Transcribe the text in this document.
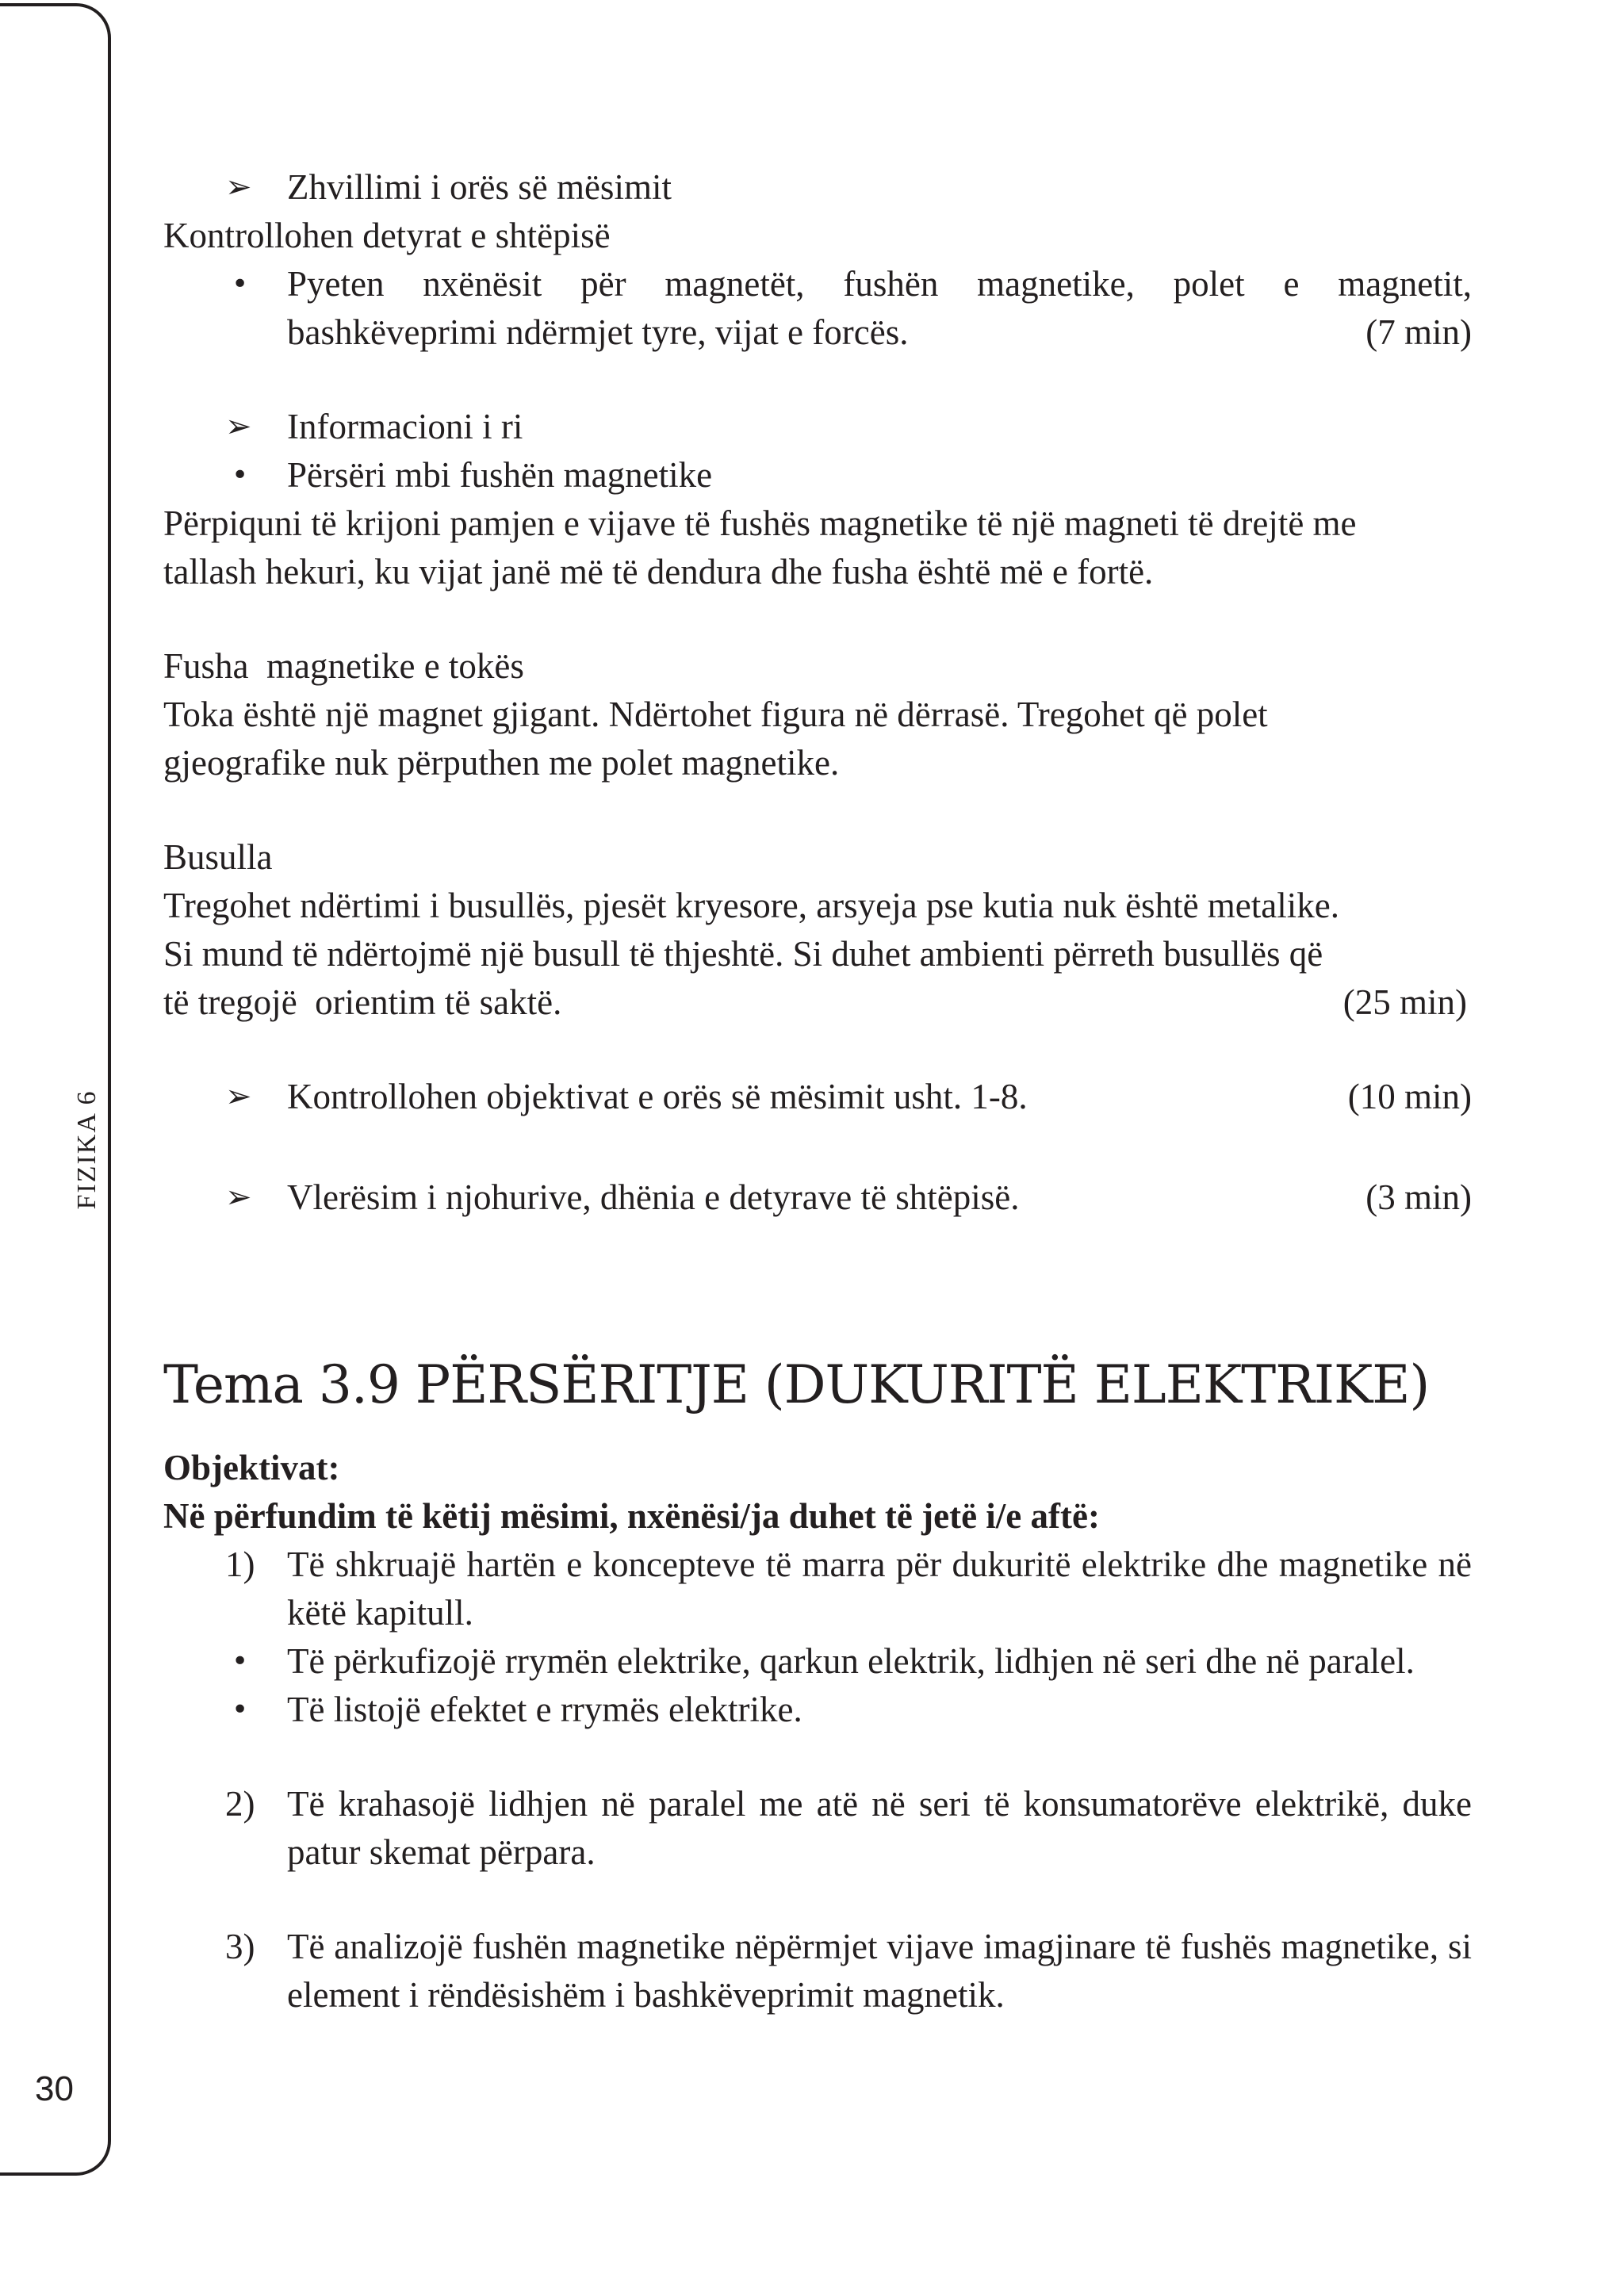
FIZIKA 6
30
➢ Zhvillimi i orës së mësimit
Kontrollohen detyrat e shtëpisë
•	Pyeten nxënësit për magnetët, fushën magnetike, polet e magnetit,
bashkëveprimi ndërmjet tyre, vijat e forcës.	(7 min)
➢ Informacioni i ri
•	Përsëri mbi fushën magnetike
Përpiquni të krijoni pamjen e vijave të fushës magnetike të një magneti të drejtë me
tallash hekuri, ku vijat janë më të dendura dhe fusha është më e fortë.
Fusha  magnetike e tokës
Toka është një magnet gjigant. Ndërtohet figura në dërrasë. Tregohet që polet
gjeografike nuk përputhen me polet magnetike.
Busulla
Tregohet ndërtimi i busullës, pjesët kryesore, arsyeja pse kutia nuk është metalike.
Si mund të ndërtojmë një busull të thjeshtë. Si duhet ambienti përreth busullës që
të tregojë  orientim të saktë.	(25 min)
➢ Kontrollohen objektivat e orës së mësimit usht. 1-8.	(10 min)
➢ Vlerësim i njohurive, dhënia e detyrave të shtëpisë.	(3 min)
Tema 3.9 PËRSËRITJE (DUKURITË ELEKTRIKE)
Objektivat:
Në përfundim të këtij mësimi, nxënësi/ja duhet të jetë i/e aftë:
1) Të shkruajë hartën e koncepteve të marra për dukuritë elektrike dhe magnetike në këtë kapitull.
•	Të përkufizojë rrymën elektrike, qarkun elektrik, lidhjen në seri dhe në paralel.
•	Të listojë efektet e rrymës elektrike.
2) Të krahasojë lidhjen në paralel me atë në seri të konsumatorëve elektrikë, duke patur skemat përpara.
3) Të analizojë fushën magnetike nëpërmjet vijave imagjinare të fushës magnetike, si element i rëndësishëm i bashkëveprimit magnetik.
